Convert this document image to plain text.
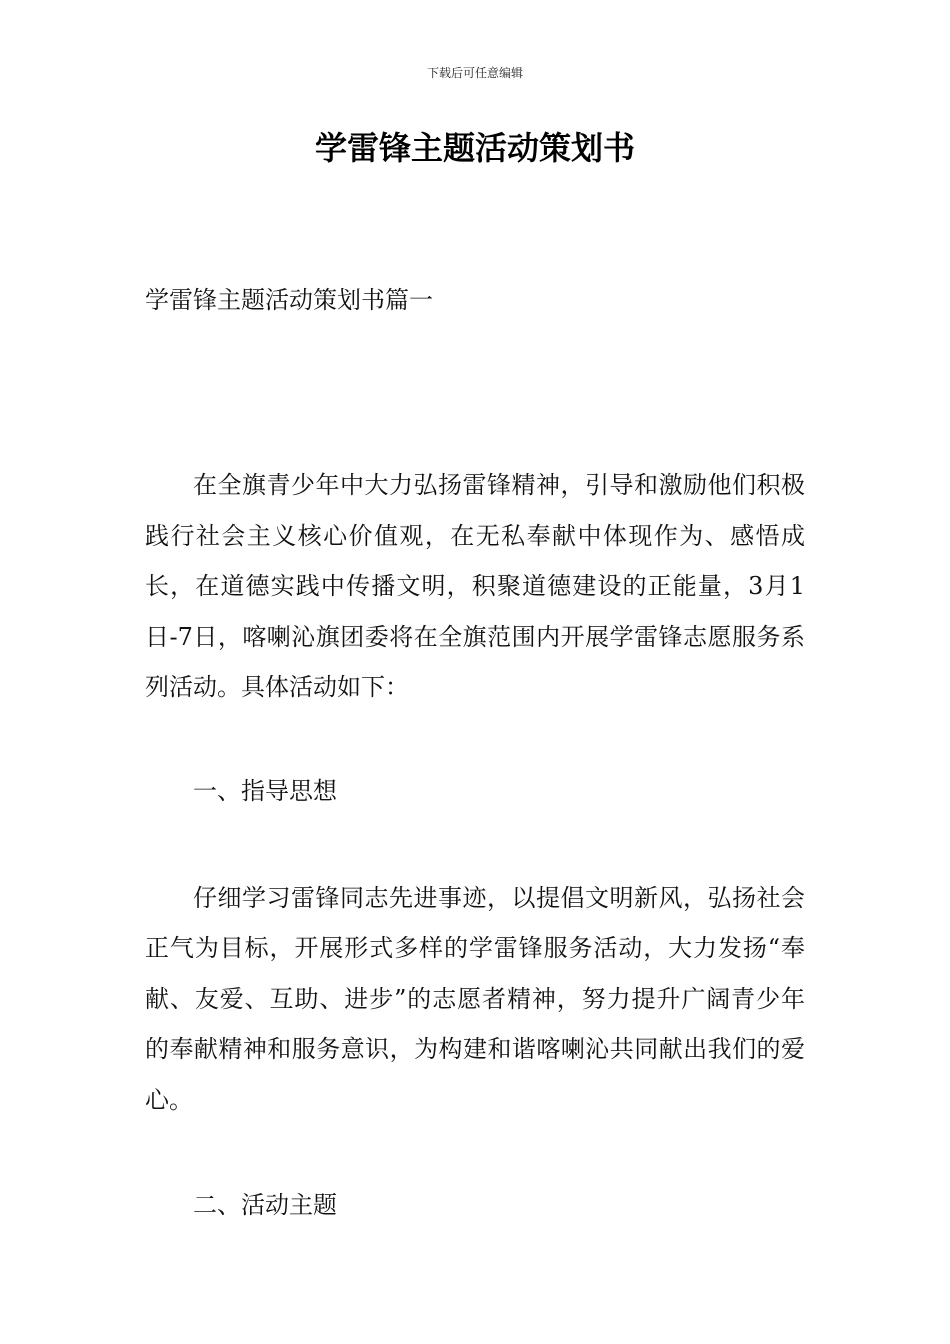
下载后可任意编辑
学雷锋主题活动策划书

学雷锋主题活动策划书篇一

在全旗青少年中大力弘扬雷锋精神，引导和激励他们积极践行社会主义核心价值观，在无私奉献中体现作为、感悟成长，在道德实践中传播文明，积聚道德建设的正能量，3月1日-7日，喀喇沁旗团委将在全旗范围内开展学雷锋志愿服务系列活动。具体活动如下：

一、指导思想

仔细学习雷锋同志先进事迹，以提倡文明新风，弘扬社会正气为目标，开展形式多样的学雷锋服务活动，大力发扬“奉献、友爱、互助、进步”的志愿者精神，努力提升广阔青少年的奉献精神和服务意识，为构建和谐喀喇沁共同献出我们的爱心。

二、活动主题
